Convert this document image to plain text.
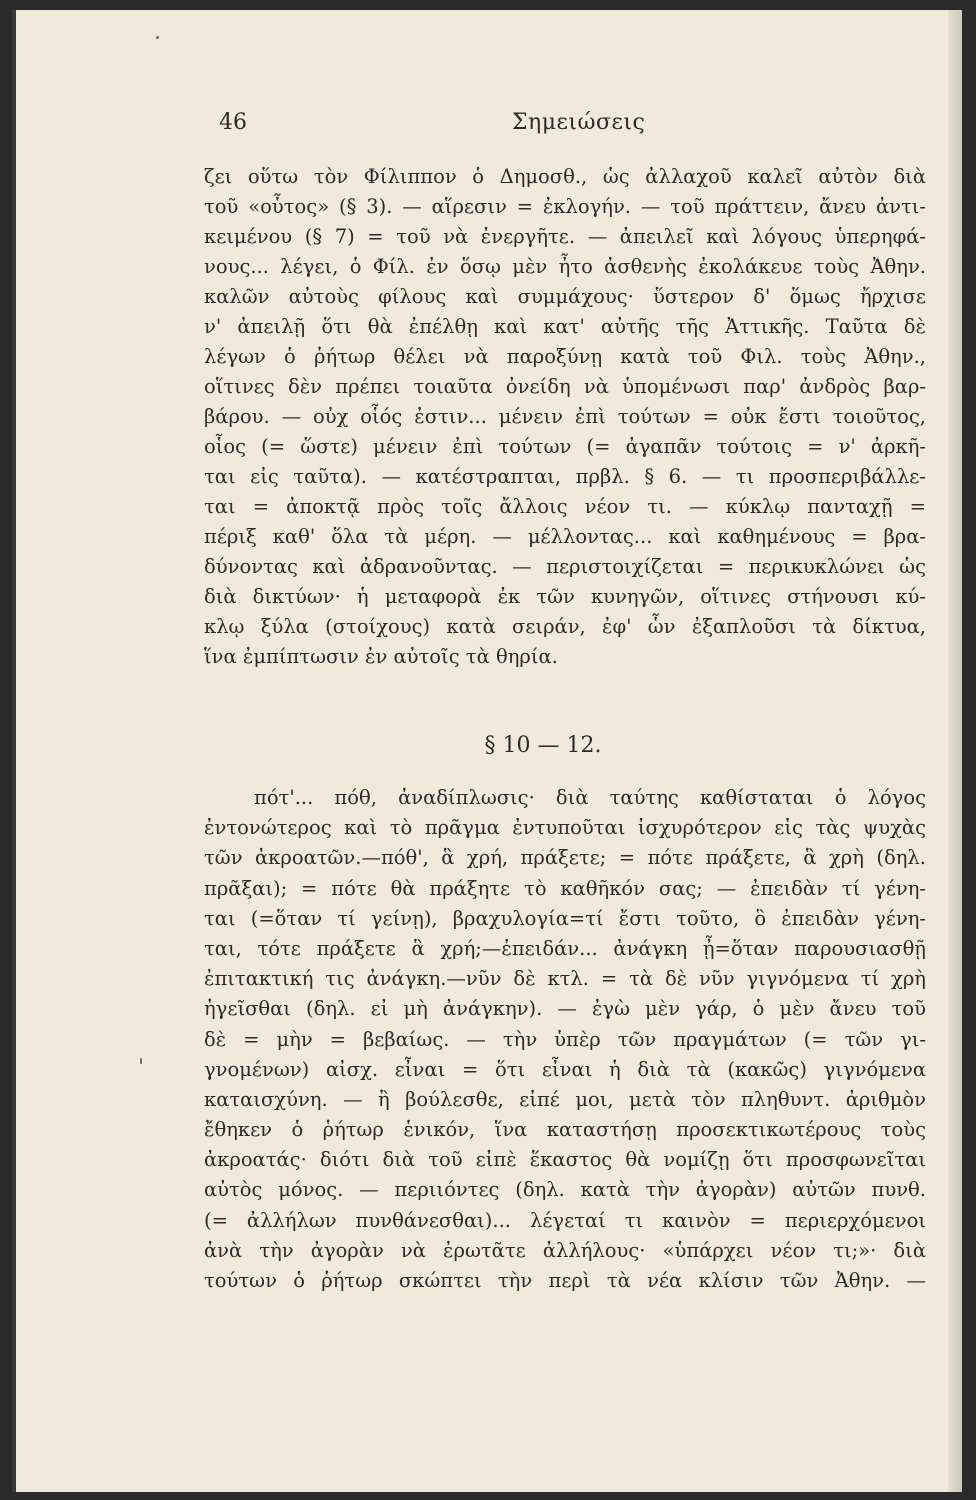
46	Σημειώσεις

ζει οὕτω τὸν Φίλιππον ὁ Δημοσθ., ὡς ἀλλαχοῦ καλεῖ αὐτὸν διὰ

τοῦ «οὗτος» (§ 3). — αἵρεσιν = ἐκλογήν. — τοῦ πράττειν, ἄνευ ἀντι-

κειμένου (§ 7) = τοῦ νὰ ἐνεργῆτε. — ἀπειλεῖ καὶ λόγους ὑπερηφά-

νους... λέγει, ὁ Φίλ. ἐν ὅσῳ μὲν ἦτο ἀσθενὴς ἐκολάκευε τοὺς Ἀθην.

καλῶν αὐτοὺς φίλους καὶ συμμάχους· ὕστερον δ' ὅμως ἤρχισε

ν' ἀπειλῇ ὅτι θὰ ἐπέλθῃ καὶ κατ' αὐτῆς τῆς Ἀττικῆς. Ταῦτα δὲ

λέγων ὁ ῥήτωρ θέλει νὰ παροξύνῃ κατὰ τοῦ Φιλ. τοὺς Ἀθην.,

οἵτινες δὲν πρέπει τοιαῦτα ὀνείδη νὰ ὑπομένωσι παρ' ἀνδρὸς βαρ-

βάρου. — οὐχ οἷός ἐστιν... μένειν ἐπὶ τούτων = οὐκ ἔστι τοιοῦτος,

οἷος (= ὥστε) μένειν ἐπὶ τούτων (= ἀγαπᾶν τούτοις = ν' ἀρκῆ-

ται εἰς ταῦτα). — κατέστραπται, πρβλ. § 6. — τι προσπεριβάλλε-

ται = ἀποκτᾷ πρὸς τοῖς ἄλλοις νέον τι. — κύκλῳ πανταχῇ =

πέριξ καθ' ὅλα τὰ μέρη. — μέλλοντας... καὶ καθημένους = βρα-

δύνοντας καὶ ἀδρανοῦντας. — περιστοιχίζεται = περικυκλώνει ὡς

διὰ δικτύων· ἡ μεταφορὰ ἐκ τῶν κυνηγῶν, οἵτινες στήνουσι κύ-

κλῳ ξύλα (στοίχους) κατὰ σειράν, ἐφ' ὧν ἐξαπλοῦσι τὰ δίκτυα,

ἵνα ἐμπίπτωσιν ἐν αὐτοῖς τὰ θηρία.

§ 10 — 12.

πότ'... πόθ, ἀναδίπλωσις· διὰ ταύτης καθίσταται ὁ λόγος

ἐντονώτερος καὶ τὸ πρᾶγμα ἐντυποῦται ἰσχυρότερον εἰς τὰς ψυχὰς

τῶν ἀκροατῶν.—πόθ', ἃ χρή, πράξετε; = πότε πράξετε, ἃ χρὴ (δηλ.

πρᾶξαι); = πότε θὰ πράξητε τὸ καθῆκόν σας; — ἐπειδὰν τί γένη-

ται (=ὅταν τί γείνῃ), βραχυλογία=τί ἔστι τοῦτο, ὃ ἐπειδὰν γένη-

ται, τότε πράξετε ἃ χρή;—ἐπειδάν... ἀνάγκη ᾖ=ὅταν παρουσιασθῇ

ἐπιτακτική τις ἀνάγκη.—νῦν δὲ κτλ. = τὰ δὲ νῦν γιγνόμενα τί χρὴ

ἡγεῖσθαι (δηλ. εἰ μὴ ἀνάγκην). — ἐγὼ μὲν γάρ, ὁ μὲν ἄνευ τοῦ

δὲ = μὴν = βεβαίως. — τὴν ὑπὲρ τῶν πραγμάτων (= τῶν γι-

γνομένων) αἰσχ. εἶναι = ὅτι εἶναι ἡ διὰ τὰ (κακῶς) γιγνόμενα

καταισχύνη. — ἢ βούλεσθε, εἰπέ μοι, μετὰ τὸν πληθυντ. ἀριθμὸν

ἔθηκεν ὁ ῥήτωρ ἑνικόν, ἵνα καταστήσῃ προσεκτικωτέρους τοὺς

ἀκροατάς· διότι διὰ τοῦ εἰπὲ ἕκαστος θὰ νομίζῃ ὅτι προσφωνεῖται

αὐτὸς μόνος. — περιιόντες (δηλ. κατὰ τὴν ἀγορὰν) αὐτῶν πυνθ.

(= ἀλλήλων πυνθάνεσθαι)... λέγεταί τι καινὸν = περιερχόμενοι

ἀνὰ τὴν ἀγορὰν νὰ ἐρωτᾶτε ἀλλήλους· «ὑπάρχει νέον τι;»· διὰ

τούτων ὁ ῥήτωρ σκώπτει τὴν περὶ τὰ νέα κλίσιν τῶν Ἀθην. —
